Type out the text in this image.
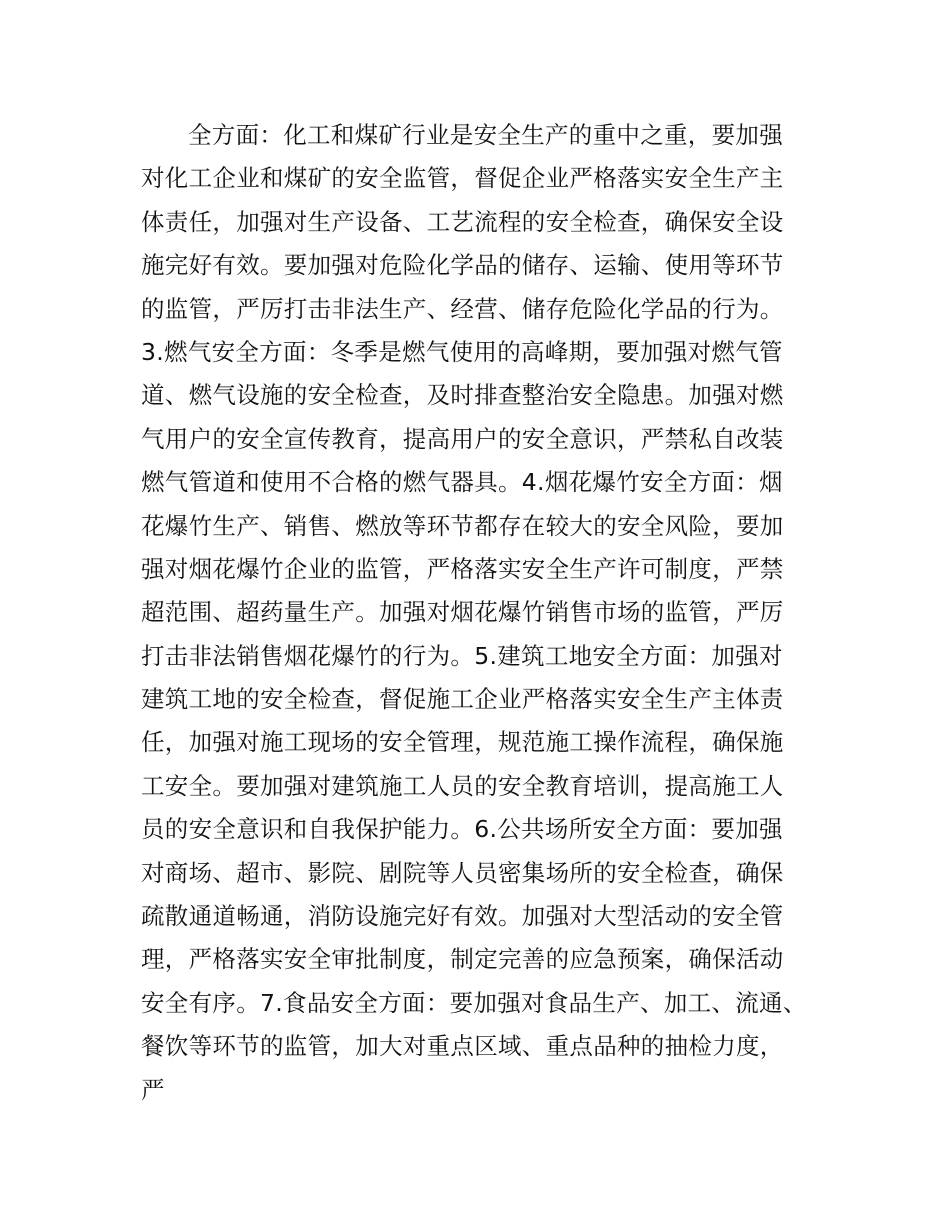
全方面：化工和煤矿行业是安全生产的重中之重，要加强
对化工企业和煤矿的安全监管，督促企业严格落实安全生产主
体责任，加强对生产设备、工艺流程的安全检查，确保安全设
施完好有效。要加强对危险化学品的储存、运输、使用等环节
的监管，严厉打击非法生产、经营、储存危险化学品的行为。
3.燃气安全方面：冬季是燃气使用的高峰期，要加强对燃气管
道、燃气设施的安全检查，及时排查整治安全隐患。加强对燃
气用户的安全宣传教育，提高用户的安全意识，严禁私自改装
燃气管道和使用不合格的燃气器具。4.烟花爆竹安全方面：烟
花爆竹生产、销售、燃放等环节都存在较大的安全风险，要加
强对烟花爆竹企业的监管，严格落实安全生产许可制度，严禁
超范围、超药量生产。加强对烟花爆竹销售市场的监管，严厉
打击非法销售烟花爆竹的行为。5.建筑工地安全方面：加强对
建筑工地的安全检查，督促施工企业严格落实安全生产主体责
任，加强对施工现场的安全管理，规范施工操作流程，确保施
工安全。要加强对建筑施工人员的安全教育培训，提高施工人
员的安全意识和自我保护能力。6.公共场所安全方面：要加强
对商场、超市、影院、剧院等人员密集场所的安全检查，确保
疏散通道畅通，消防设施完好有效。加强对大型活动的安全管
理，严格落实安全审批制度，制定完善的应急预案，确保活动
安全有序。7.食品安全方面：要加强对食品生产、加工、流通、
餐饮等环节的监管，加大对重点区域、重点品种的抽检力度，
严
